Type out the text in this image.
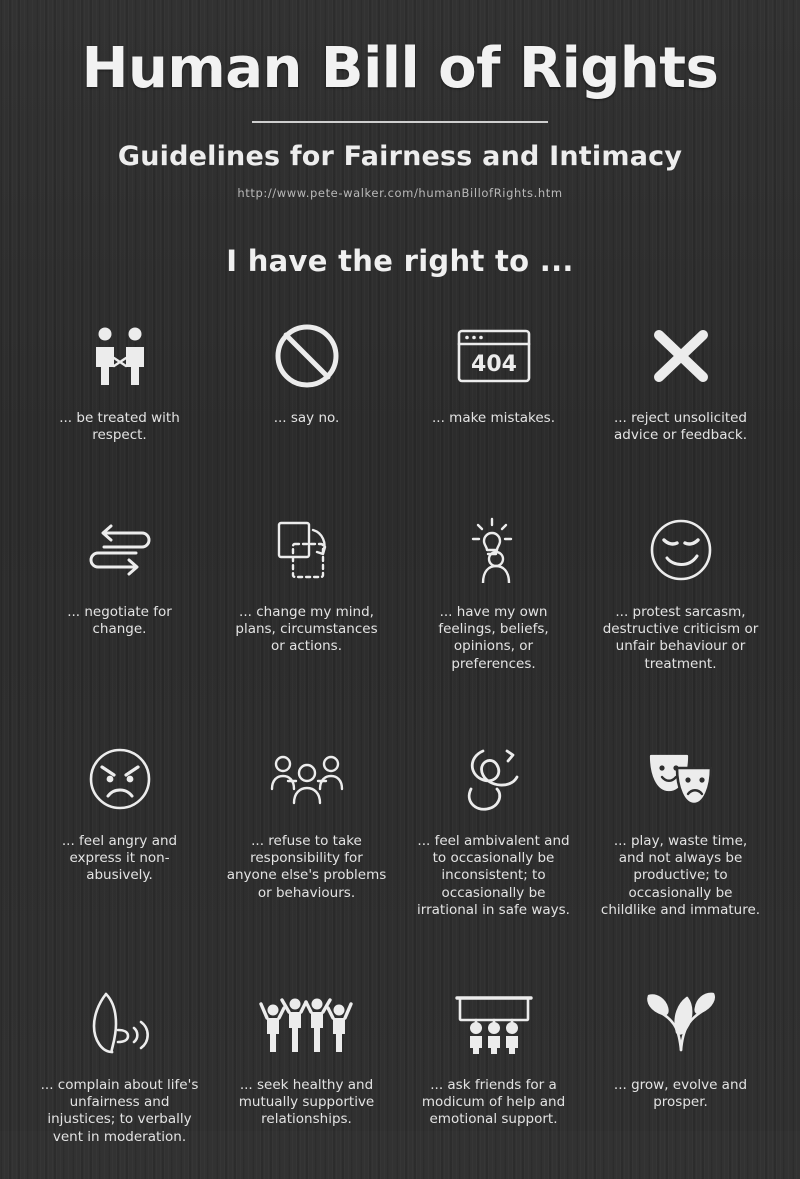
Human Bill of Rights
Guidelines for Fairness and Intimacy
http://www.pete-walker.com/humanBillofRights.htm
I have the right to ...
... be treated with respect.
... say no.
404
... make mistakes.	... reject unsolicited advice or feedback.
... negotiate for change.
... change my mind, plans, circumstances or actions.
... have my own feelings, beliefs, opinions, or preferences.
... protest sarcasm, destructive criticism or unfair behaviour or treatment.
... feel angry and express it non-abusively.
... refuse to take responsibility for anyone else's problems or behaviours.
... feel ambivalent and to occasionally be inconsistent; to occasionally be irrational in safe ways.
... play, waste time, and not always be productive; to occasionally be childlike and immature.
... complain about life's unfairness and injustices; to verbally vent in moderation.
... seek healthy and mutually supportive relationships.
... ask friends for a modicum of help and emotional support.
... grow, evolve and prosper.
